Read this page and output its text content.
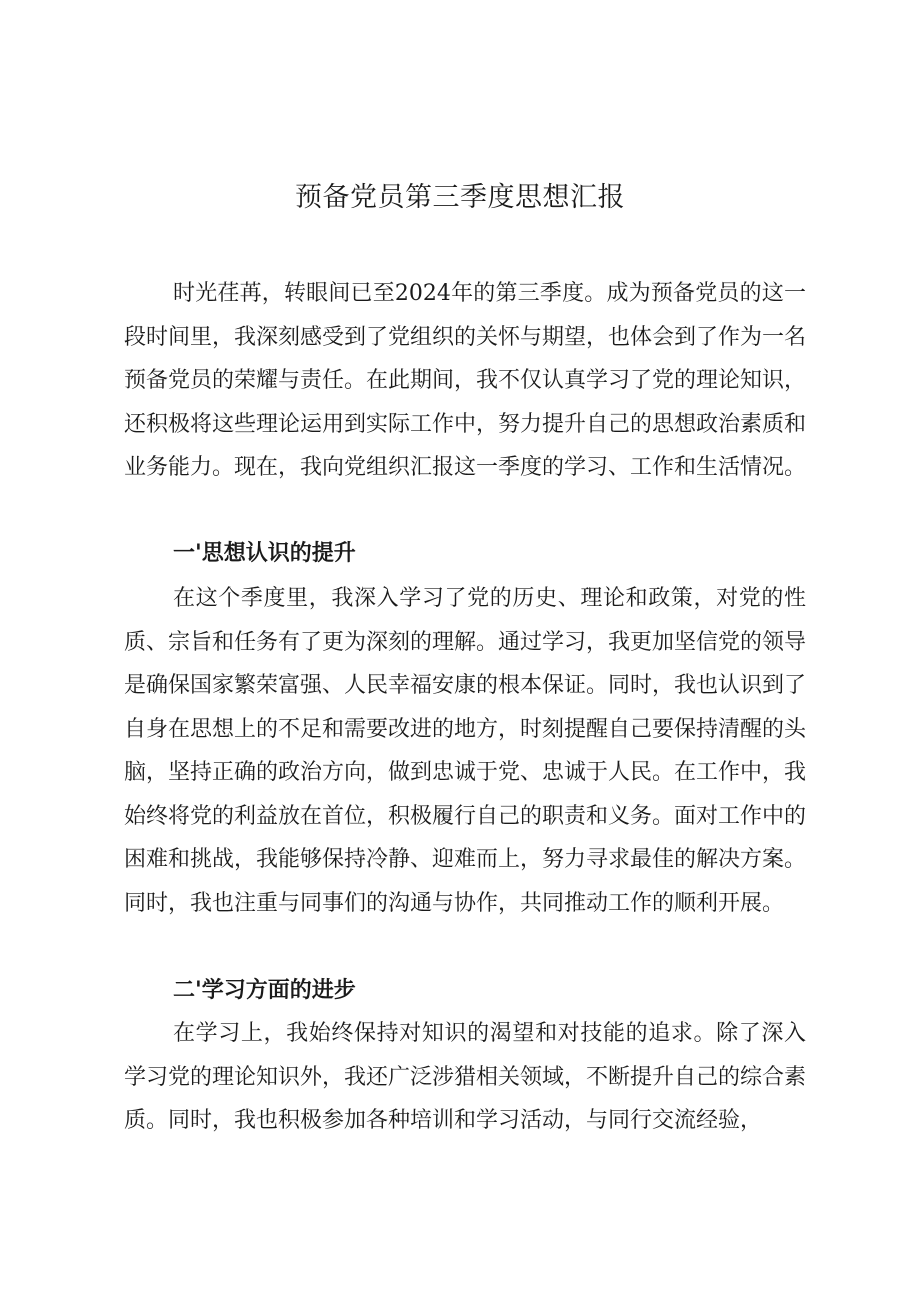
预备党员第三季度思想汇报

时光荏苒，转眼间已至2024年的第三季度。成为预备党员的这一段时间里，我深刻感受到了党组织的关怀与期望，也体会到了作为一名预备党员的荣耀与责任。在此期间，我不仅认真学习了党的理论知识，还积极将这些理论运用到实际工作中，努力提升自己的思想政治素质和业务能力。现在，我向党组织汇报这一季度的学习、工作和生活情况。

一'思想认识的提升

在这个季度里，我深入学习了党的历史、理论和政策，对党的性质、宗旨和任务有了更为深刻的理解。通过学习，我更加坚信党的领导是确保国家繁荣富强、人民幸福安康的根本保证。同时，我也认识到了自身在思想上的不足和需要改进的地方，时刻提醒自己要保持清醒的头脑，坚持正确的政治方向，做到忠诚于党、忠诚于人民。在工作中，我始终将党的利益放在首位，积极履行自己的职责和义务。面对工作中的困难和挑战，我能够保持冷静、迎难而上，努力寻求最佳的解决方案。同时，我也注重与同事们的沟通与协作，共同推动工作的顺利开展。

二'学习方面的进步

在学习上，我始终保持对知识的渴望和对技能的追求。除了深入学习党的理论知识外，我还广泛涉猎相关领域，不断提升自己的综合素质。同时，我也积极参加各种培训和学习活动，与同行交流经验，
